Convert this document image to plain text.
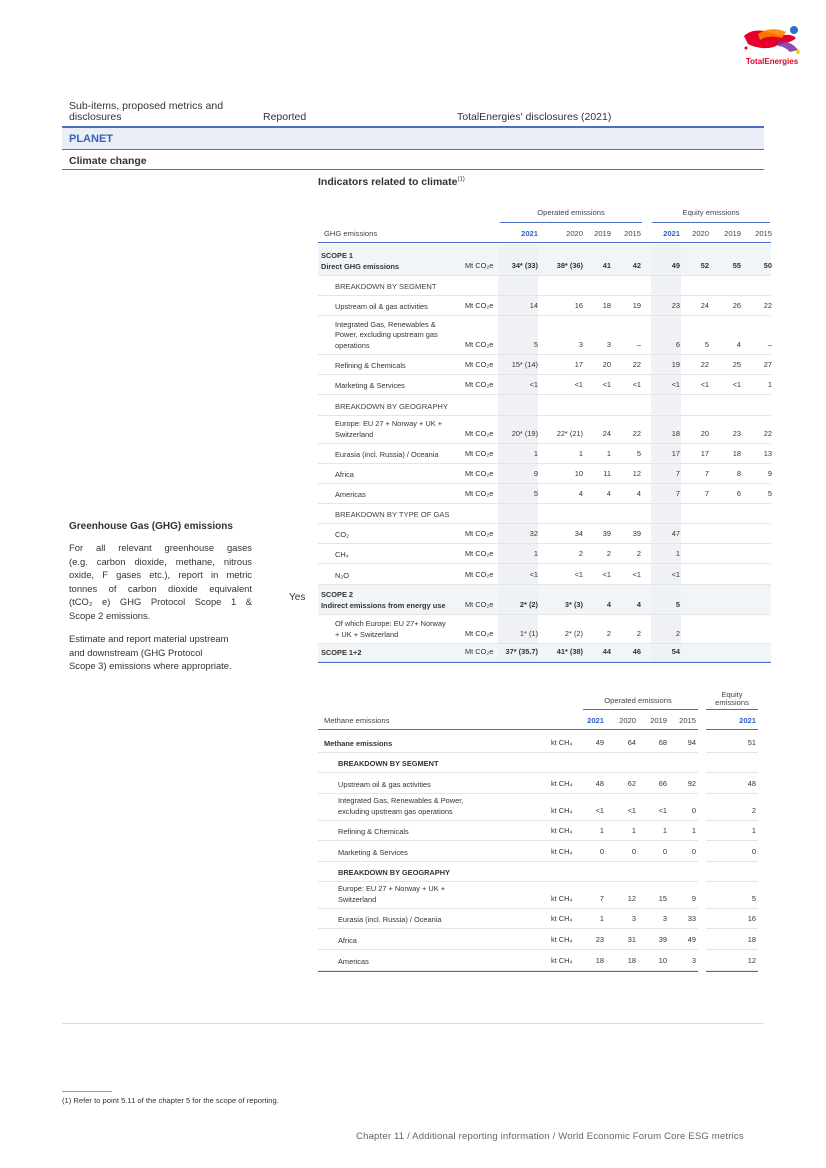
TotalEnergies
Sub-items, proposed metrics and
disclosures	Reported	TotalEnergies' disclosures (2021)
PLANET
Climate change
Indicators related to climate$^{(1)}$
Greenhouse Gas (GHG) emissions
For all relevant greenhouse gases
(e.g. carbon dioxide, methane, nitrous
oxide, F gases etc.), report in metric
tonnes of carbon dioxide equivalent
(tCO₂ e) GHG Protocol Scope 1 &
Scope 2 emissions.
Estimate and report material upstream
and downstream (GHG Protocol
Scope 3) emissions where appropriate.
Yes
Operated emissions	Equity emissions
GHG emissions	2021	2020	2019	2015	2021	2020	2019	2015
SCOPE 1
Direct GHG emissions	Mt CO₂e	34* (33)	38* (36)	41	42	49	52	55	50
BREAKDOWN BY SEGMENT
Upstream oil & gas activities	Mt CO₂e	14	16	18	19	23	24	26	22
Integrated Gas, Renewables &
Power, excluding upstream gas
operations	Mt CO₂e	5	3	3	–	6	5	4	–
Refining & Chemicals	Mt CO₂e	15* (14)	17	20	22	19	22	25	27
Marketing & Services	Mt CO₂e	<1	<1	<1	<1	<1	<1	<1	1
BREAKDOWN BY GEOGRAPHY
Europe: EU 27 + Norway + UK +
Switzerland	Mt CO₂e	20* (19)	22* (21)	24	22	18	20	23	22
Eurasia (incl. Russia) / Oceania	Mt CO₂e	1	1	1	5	17	17	18	13
Africa	Mt CO₂e	9	10	11	12	7	7	8	9
Americas	Mt CO₂e	5	4	4	4	7	7	6	5
BREAKDOWN BY TYPE OF GAS
CO₂	Mt CO₂e	32	34	39	39	47
CH₄	Mt CO₂e	1	2	2	2	1
N₂O	Mt CO₂e	<1	<1	<1	<1	<1
SCOPE 2
Indirect emissions from energy use	Mt CO₂e	2* (2)	3* (3)	4	4	5
Of which Europe: EU 27+ Norway
+ UK + Switzerland	Mt CO₂e	1* (1)	2* (2)	2	2	2
SCOPE 1+2	Mt CO₂e	37* (35.7)	41* (38)	44	46	54
Operated emissions
Equity
emissions
Methane emissions	2021	2020	2019	2015	2021
Methane emissions	kt CH₄	49	64	68	94	51
BREAKDOWN BY SEGMENT
Upstream oil & gas activities	kt CH₄	48	62	66	92	48
Integrated Gas, Renewables & Power,
excluding upstream gas operations	kt CH₄	<1	<1	<1	0	2
Refining & Chemicals	kt CH₄	1	1	1	1	1
Marketing & Services	kt CH₄	0	0	0	0	0
BREAKDOWN BY GEOGRAPHY
Europe: EU 27 + Norway + UK +
Switzerland	kt CH₄	7	12	15	9	5
Eurasia (incl. Russia) / Oceania	kt CH₄	1	3	3	33	16
Africa	kt CH₄	23	31	39	49	18
Americas	kt CH₄	18	18	10	3	12
(1) Refer to point 5.11 of the chapter 5 for the scope of reporting.
Chapter 11 / Additional reporting information / World Economic Forum Core ESG metrics
